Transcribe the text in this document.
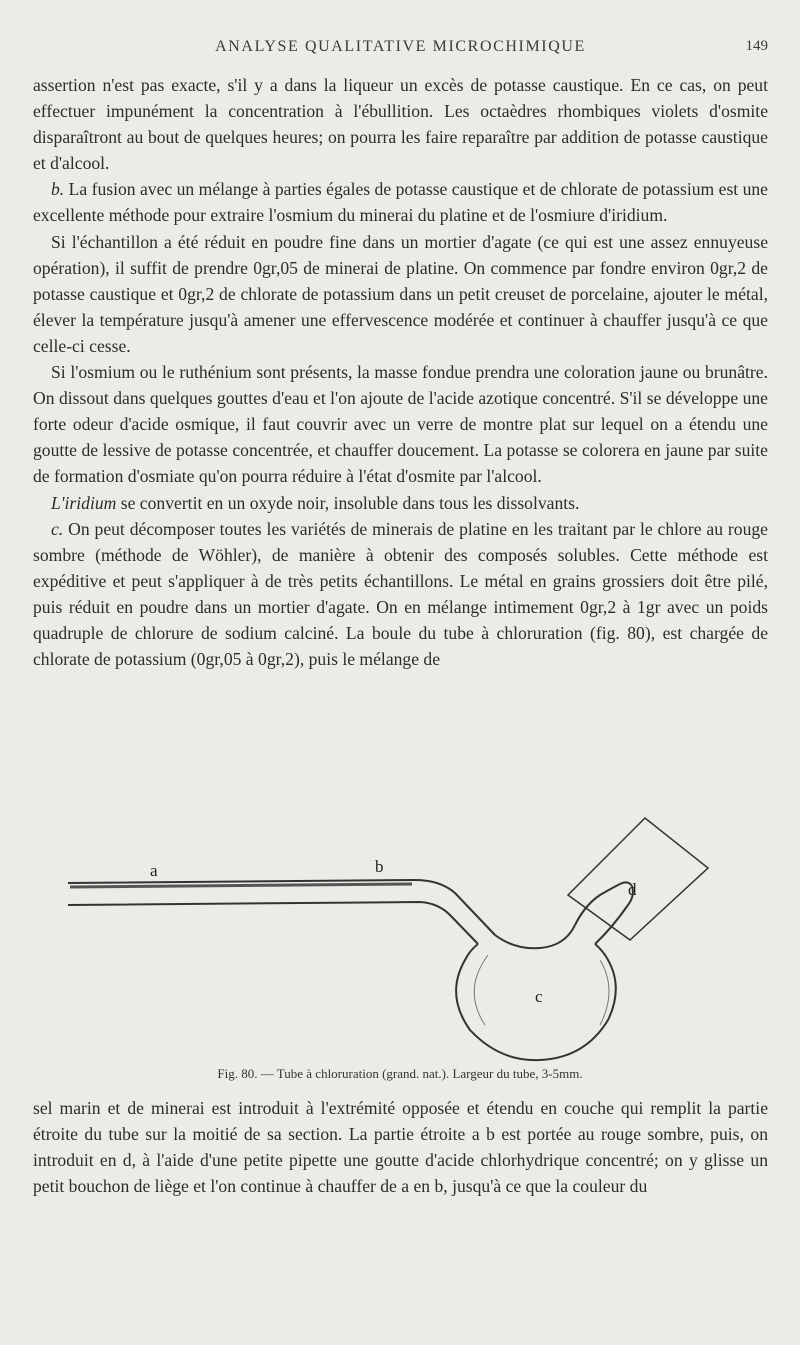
ANALYSE QUALITATIVE MICROCHIMIQUE	149

assertion n'est pas exacte, s'il y a dans la liqueur un excès de potasse caustique. En ce cas, on peut effectuer impunément la concentration à l'ébullition. Les octaèdres rhombiques violets d'osmite disparaîtront au bout de quelques heures; on pourra les faire reparaître par addition de potasse caustique et d'alcool.

b. La fusion avec un mélange à parties égales de potasse caustique et de chlorate de potassium est une excellente méthode pour extraire l'osmium du minerai du platine et de l'osmiure d'iridium.

Si l'échantillon a été réduit en poudre fine dans un mortier d'agate (ce qui est une assez ennuyeuse opération), il suffit de prendre 0gr,05 de minerai de platine. On commence par fondre environ 0gr,2 de potasse caustique et 0gr,2 de chlorate de potassium dans un petit creuset de porcelaine, ajouter le métal, élever la température jusqu'à amener une effervescence modérée et continuer à chauffer jusqu'à ce que celle-ci cesse.

Si l'osmium ou le ruthénium sont présents, la masse fondue prendra une coloration jaune ou brunâtre. On dissout dans quelques gouttes d'eau et l'on ajoute de l'acide azotique concentré. S'il se développe une forte odeur d'acide osmique, il faut couvrir avec un verre de montre plat sur lequel on a étendu une goutte de lessive de potasse concentrée, et chauffer doucement. La potasse se colorera en jaune par suite de formation d'osmiate qu'on pourra réduire à l'état d'osmite par l'alcool.

L'iridium se convertit en un oxyde noir, insoluble dans tous les dissolvants.

c. On peut décomposer toutes les variétés de minerais de platine en les traitant par le chlore au rouge sombre (méthode de Wöhler), de manière à obtenir des composés solubles. Cette méthode est expéditive et peut s'appliquer à de très petits échantillons. Le métal en grains grossiers doit être pilé, puis réduit en poudre dans un mortier d'agate. On en mélange intimement 0gr,2 à 1gr avec un poids quadruple de chlorure de sodium calciné. La boule du tube à chloruration (fig. 80), est chargée de chlorate de potassium (0gr,05 à 0gr,2), puis le mélange de

a	b
c
d
Fig. 80. — Tube à chloruration (grand. nat.). Largeur du tube, 3-5mm.

sel marin et de minerai est introduit à l'extrémité opposée et étendu en couche qui remplit la partie étroite du tube sur la moitié de sa section. La partie étroite a b est portée au rouge sombre, puis, on introduit en d, à l'aide d'une petite pipette une goutte d'acide chlorhydrique concentré; on y glisse un petit bouchon de liège et l'on continue à chauffer de a en b, jusqu'à ce que la couleur du
